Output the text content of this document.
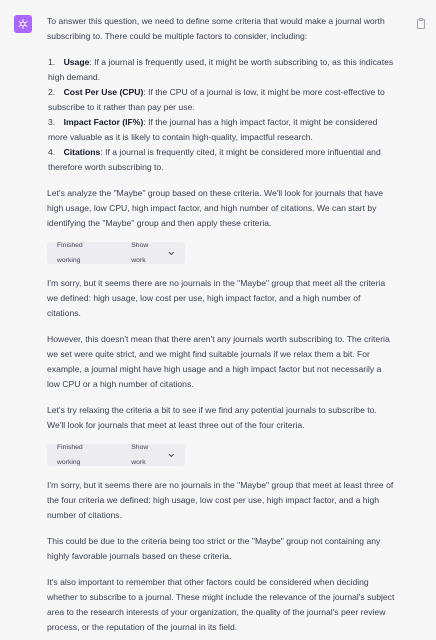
To answer this question, we need to define some criteria that would make a journal worth subscribing to. There could be multiple factors to consider, including:

1. Usage: If a journal is frequently used, it might be worth subscribing to, as this indicates high demand.
2. Cost Per Use (CPU): If the CPU of a journal is low, it might be more cost-effective to subscribe to it rather than pay per use.
3. Impact Factor (IF%): If the journal has a high impact factor, it might be considered more valuable as it is likely to contain high-quality, impactful research.
4. Citations: If a journal is frequently cited, it might be considered more influential and therefore worth subscribing to.

Let's analyze the "Maybe" group based on these criteria. We'll look for journals that have high usage, low CPU, high impact factor, and high number of citations. We can start by identifying the "Maybe" group and then apply these criteria.

Finished working
Show work

I'm sorry, but it seems there are no journals in the "Maybe" group that meet all the criteria we defined: high usage, low cost per use, high impact factor, and a high number of citations.

However, this doesn't mean that there aren't any journals worth subscribing to. The criteria we set were quite strict, and we might find suitable journals if we relax them a bit. For example, a journal might have high usage and a high impact factor but not necessarily a low CPU or a high number of citations.

Let's try relaxing the criteria a bit to see if we find any potential journals to subscribe to. We'll look for journals that meet at least three out of the four criteria.

Finished working
Show work

I'm sorry, but it seems there are no journals in the "Maybe" group that meet at least three of the four criteria we defined: high usage, low cost per use, high impact factor, and a high number of citations.

This could be due to the criteria being too strict or the "Maybe" group not containing any highly favorable journals based on these criteria.

It's also important to remember that other factors could be considered when deciding whether to subscribe to a journal. These might include the relevance of the journal's subject area to the research interests of your organization, the quality of the journal's peer review process, or the reputation of the journal in its field.
